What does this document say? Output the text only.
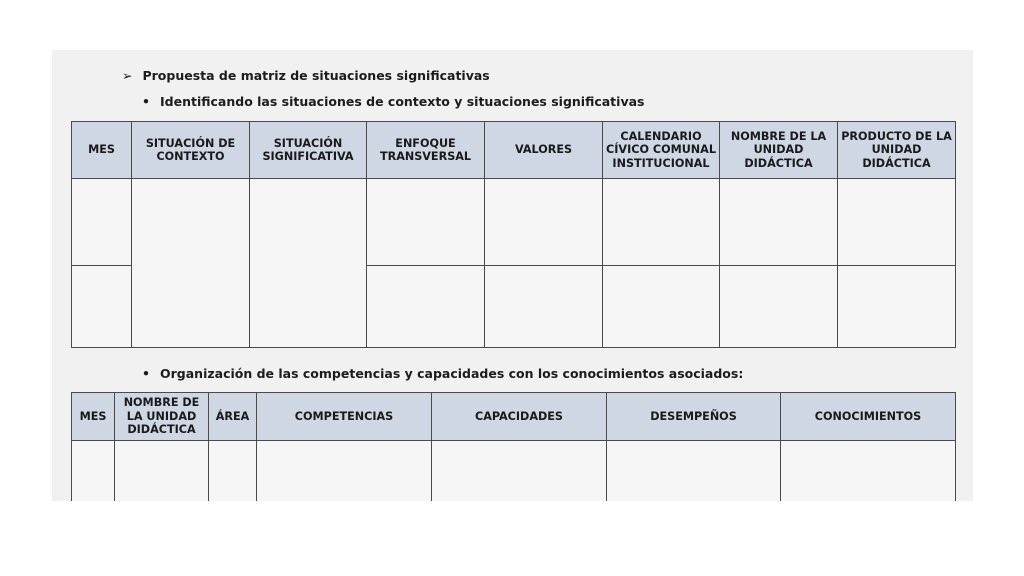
➢ Propuesta de matriz de situaciones significativas
• Identificando las situaciones de contexto y situaciones significativas
MES	SITUACIÓN DE CONTEXTO	SITUACIÓN SIGNIFICATIVA	ENFOQUE TRANSVERSAL	VALORES	CALENDARIO CÍVICO COMUNAL INSTITUCIONAL	NOMBRE DE LA UNIDAD DIDÁCTICA	PRODUCTO DE LA UNIDAD DIDÁCTICA

• Organización de las competencias y capacidades con los conocimientos asociados:
MES	NOMBRE DE LA UNIDAD DIDÁCTICA	ÁREA	COMPETENCIAS	CAPACIDADES	DESEMPEÑOS	CONOCIMIENTOS
